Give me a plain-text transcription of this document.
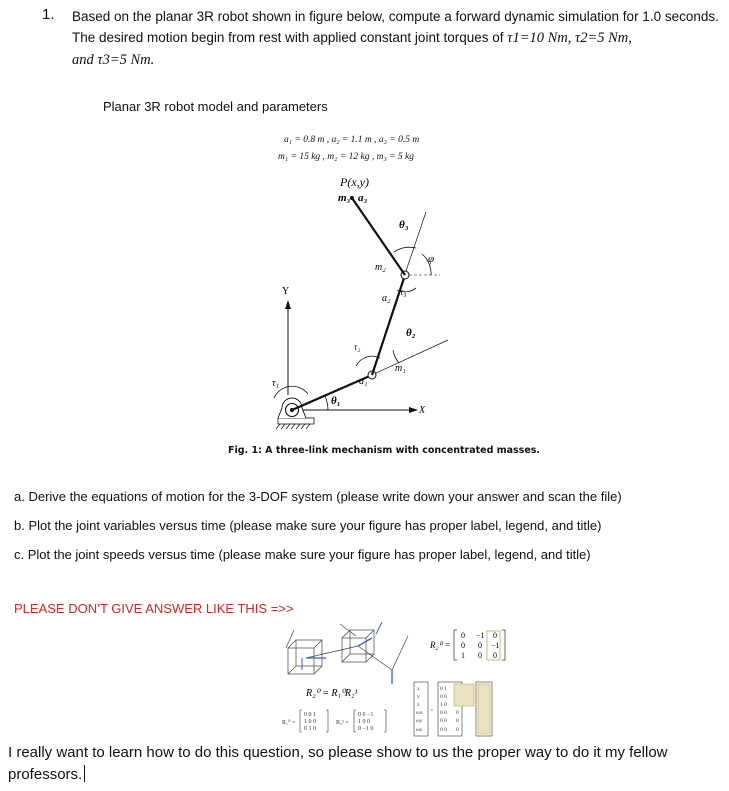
1. Based on the planar 3R robot shown in figure below, compute a forward dynamic simulation for 1.0 seconds. The desired motion begin from rest with applied constant joint torques of τ1=10 Nm, τ2=5 Nm,
and τ3=5 Nm.
Planar 3R robot model and parameters
a₁ = 0.8 m , a₂ = 1.1 m , a₃ = 0.5 m
m₁ = 15 kg , m₂ = 12 kg , m₃ = 5 kg
P(x,y)
m₃ a₃
θ₃
m₂
φ
Y
a₂
τ₃
θ₂
τ₂
m₁
τ₁	a₁
θ₁
X
Fig. 1: A three-link mechanism with concentrated masses.
a. Derive the equations of motion for the 3-DOF system (please write down your answer and scan the file)
b. Plot the joint variables versus time (please make sure your figure has proper label, legend, and title)
c. Plot the joint speeds versus time (please make sure your figure has proper label, legend, and title)
PLEASE DON’T GIVE ANSWER LIKE THIS =>>
R₂⁰ =
0 −1 0
0 0 −1
1 0 0
R₂⁰ = R₁⁰R₂¹
R₁⁰ =
0 0 1
1 0 0
0 1 0
R₂¹ =
0 0 −1
1 0 0
0 −1 0
x
y
z
ωx
ωy
ωz
=
0 1
0 0
1 0
0 0
0 0
0 0
0
0
0
I really want to learn how to do this question, so please show to us the proper way to do it my fellow professors.
